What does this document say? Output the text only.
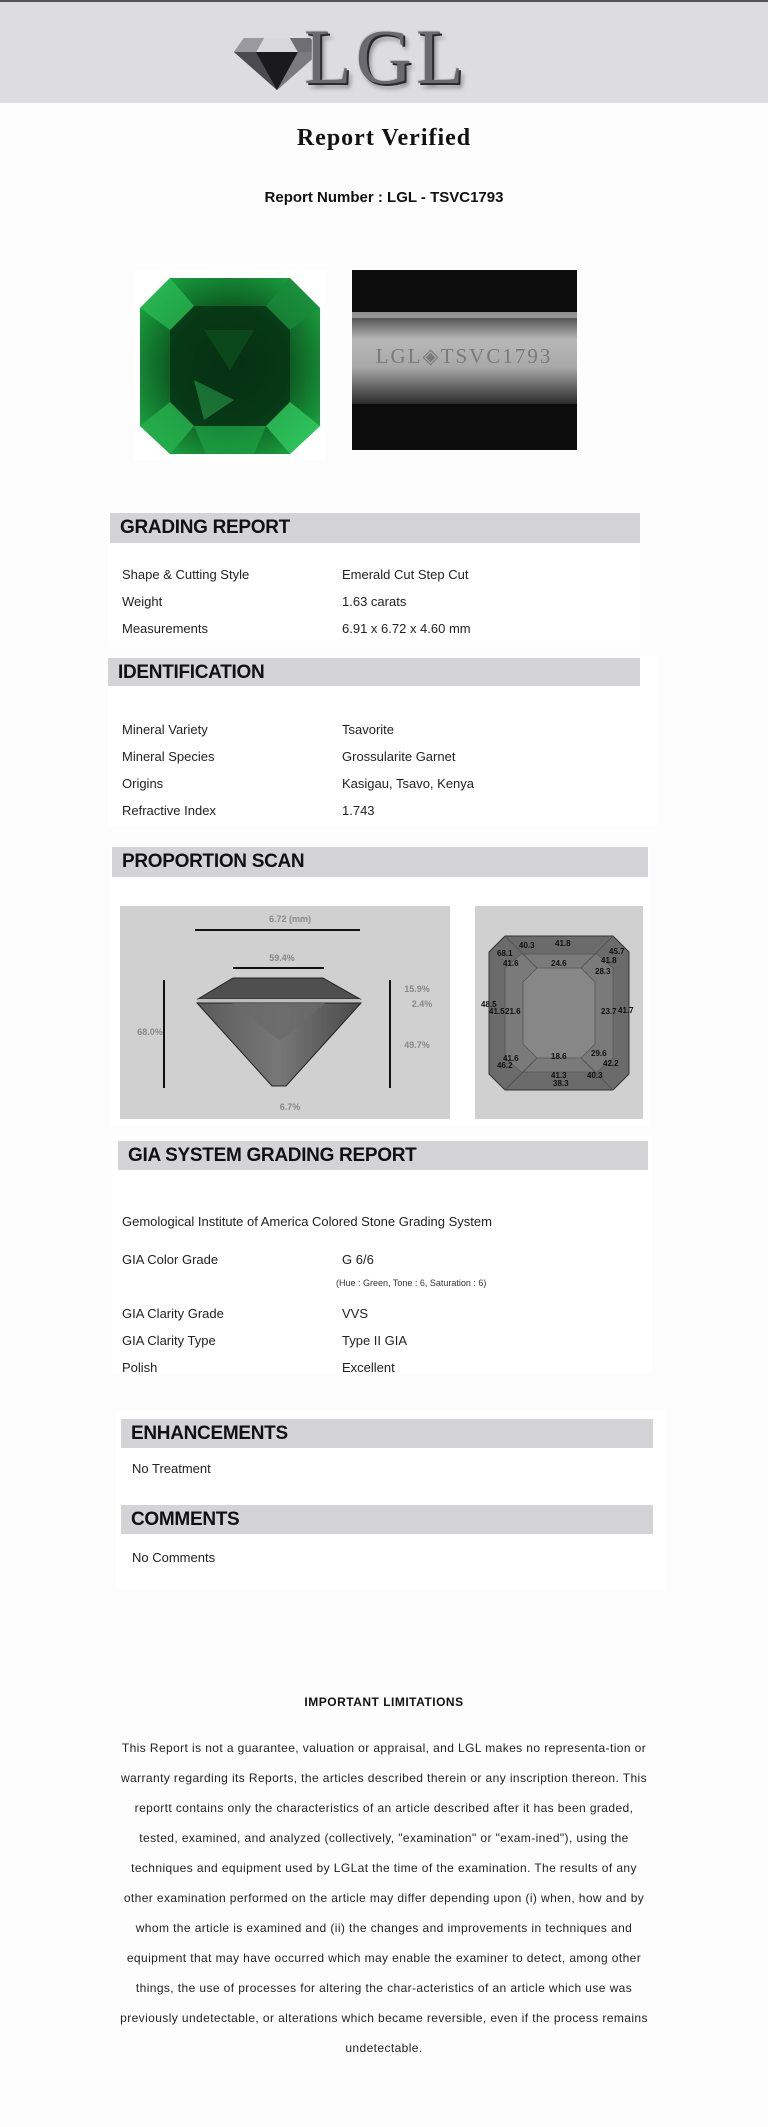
LGL
Report Verified
Report Number : LGL - TSVC1793
LGL◈TSVC1793
GRADING REPORT
Shape & Cutting Style	Emerald Cut Step Cut
Weight	1.63 carats
Measurements	6.91 x 6.72 x 4.60 mm
IDENTIFICATION
Mineral Variety	Tsavorite
Mineral Species	Grossularite Garnet
Origins	Kasigau, Tsavo, Kenya
Refractive Index	1.743
PROPORTION SCAN
6.72 (mm)
59.4%
68.0%
15.9%
2.4%
49.7%
6.7%
68.1
40.3	41.8
45.7
41.6	24.6	41.8
28.3
48.5
41.5 21.6	23.7 41.7
41.6	18.6	29.6
46.2
41.3	40.3
42.2
38.3
GIA SYSTEM GRADING REPORT
Gemological Institute of America Colored Stone Grading System
GIA Color Grade	G 6/6
(Hue : Green, Tone : 6, Saturation : 6)
GIA Clarity Grade	VVS
GIA Clarity Type	Type II GIA
Polish	Excellent
ENHANCEMENTS
No Treatment
COMMENTS
No Comments
IMPORTANT LIMITATIONS
This Report is not a guarantee, valuation or appraisal, and LGL makes no representa-tion or warranty regarding its Reports, the articles described therein or any inscription thereon. This reportt contains only the characteristics of an article described after it has been graded, tested, examined, and analyzed (collectively, "examination" or "exam-ined"), using the techniques and equipment used by LGLat the time of the examination. The results of any other examination performed on the article may differ depending upon (i) when, how and by whom the article is examined and (ii) the changes and improvements in techniques and equipment that may have occurred which may enable the examiner to detect, among other things, the use of processes for altering the char-acteristics of an article which use was previously undetectable, or alterations which became reversible, even if the process remains undetectable.
